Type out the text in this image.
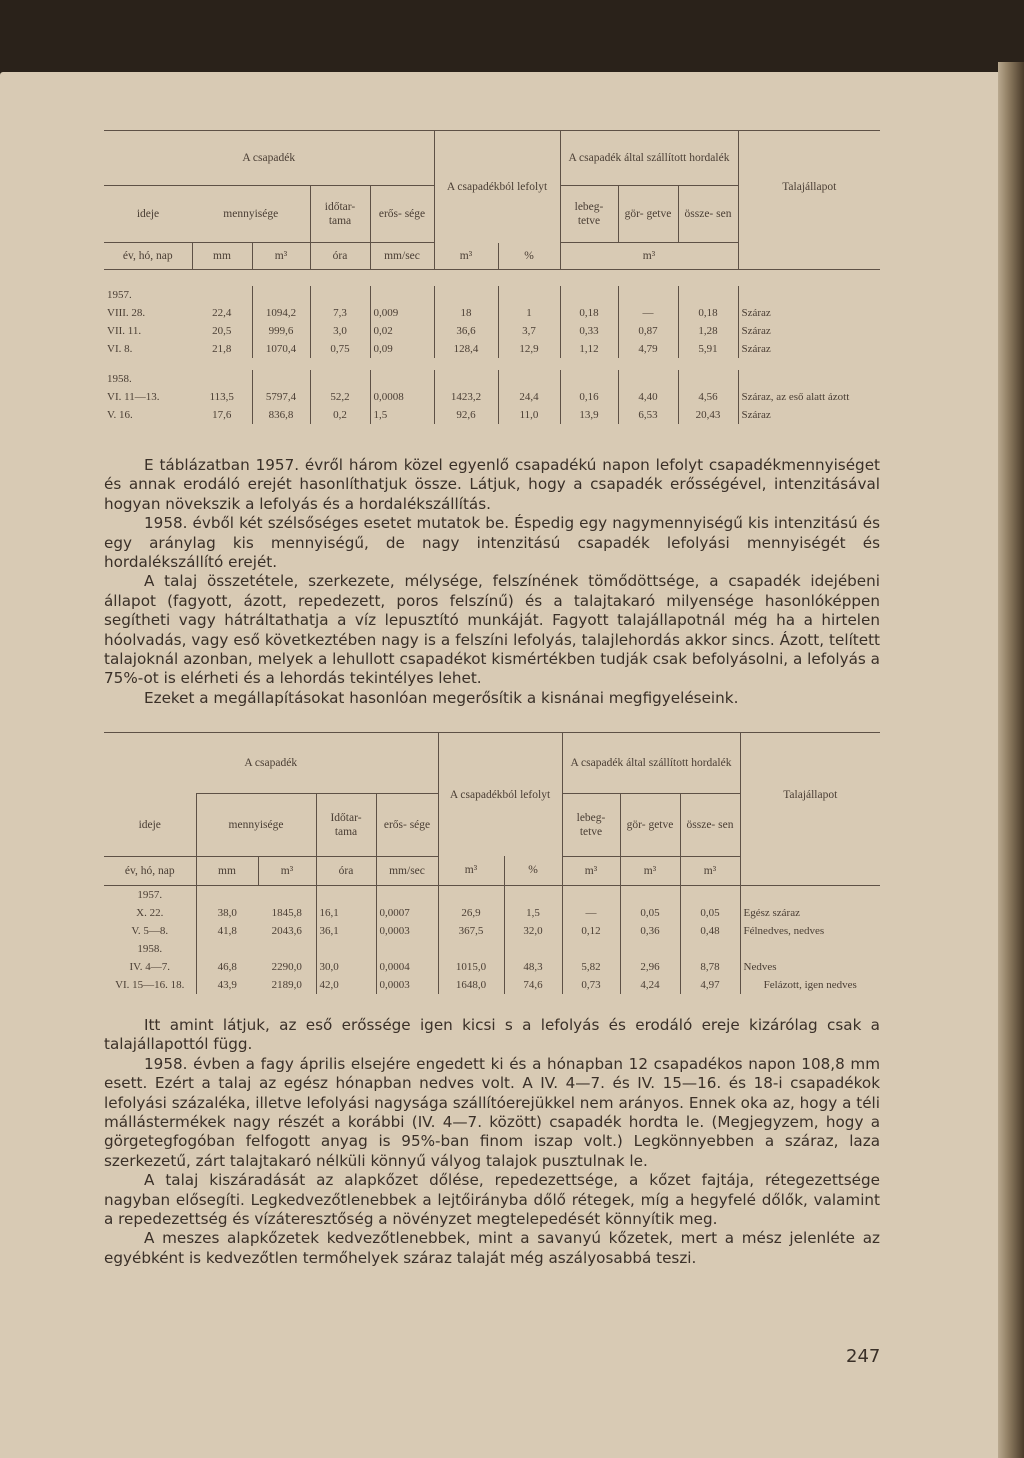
A csapadék					A csapadékból lefolyt		A csapadék által szállított hordalék			Talajállapot
ideje	mennyisége		időtar- tama	erős- sége			lebeg- tetve	gör- getve	össze- sen	
év, hó, nap	mm	m³	óra	mm/sec	m³	%	m³			

1957.										
VIII. 28.	22,4	1094,2	7,3	0,009	18	1	0,18	—	0,18	Száraz
VII. 11.	20,5	999,6	3,0	0,02	36,6	3,7	0,33	0,87	1,28	Száraz
VI. 8.	21,8	1070,4	0,75	0,09	128,4	12,9	1,12	4,79	5,91	Száraz

1958.										
VI. 11—13.	113,5	5797,4	52,2	0,0008	1423,2	24,4	0,16	4,40	4,56	Száraz, az eső alatt ázott
V. 16.	17,6	836,8	0,2	1,5	92,6	11,0	13,9	6,53	20,43	Száraz

E táblázatban 1957. évről három közel egyenlő csapadékú napon lefolyt csapadékmennyiséget és annak erodáló erejét hasonlíthatjuk össze. Látjuk, hogy a csapadék erősségével, intenzitásával hogyan növekszik a lefolyás és a hordalékszállítás.

1958. évből két szélsőséges esetet mutatok be. Éspedig egy nagymennyiségű kis intenzitású és egy aránylag kis mennyiségű, de nagy intenzitású csapadék lefolyási mennyiségét és hordalékszállító erejét.

A talaj összetétele, szerkezete, mélysége, felszínének tömődöttsége, a csapadék idejébeni állapot (fagyott, ázott, repedezett, poros felszínű) és a talajtakaró milyensége hasonlóképpen segítheti vagy hátráltathatja a víz lepusztító munkáját. Fagyott talajállapotnál még ha a hirtelen hóolvadás, vagy eső következtében nagy is a felszíni lefolyás, talajlehordás akkor sincs. Ázott, telített talajoknál azonban, melyek a lehullott csapadékot kismértékben tudják csak befolyásolni, a lefolyás a 75%-ot is elérheti és a lehordás tekintélyes lehet.

Ezeket a megállapításokat hasonlóan megerősítik a kisnánai megfigyeléseink.

A csapadék					A csapadékból lefolyt		A csapadék által szállított hordalék			Talajállapot
ideje	mennyisége		Időtar- tama	erős- sége			lebeg- tetve	gör- getve	össze- sen	
év, hó, nap	mm	m³	óra	mm/sec	m³	%	m³	m³	m³	
1957.										
X. 22.	38,0	1845,8	16,1	0,0007	26,9	1,5	—	0,05	0,05	Egész száraz
V. 5—8.	41,8	2043,6	36,1	0,0003	367,5	32,0	0,12	0,36	0,48	Félnedves, nedves
1958.										
IV. 4—7.	46,8	2290,0	30,0	0,0004	1015,0	48,3	5,82	2,96	8,78	Nedves
VI. 15—16. 18.	43,9	2189,0	42,0	0,0003	1648,0	74,6	0,73	4,24	4,97	Felázott, igen nedves

Itt amint látjuk, az eső erőssége igen kicsi s a lefolyás és erodáló ereje kizárólag csak a talajállapottól függ.

1958. évben a fagy április elsejére engedett ki és a hónapban 12 csapadékos napon 108,8 mm esett. Ezért a talaj az egész hónapban nedves volt. A IV. 4—7. és IV. 15—16. és 18-i csapadékok lefolyási százaléka, illetve lefolyási nagysága szállítóerejükkel nem arányos. Ennek oka az, hogy a téli mállástermékek nagy részét a korábbi (IV. 4—7. között) csapadék hordta le. (Megjegyzem, hogy a görgetegfogóban felfogott anyag is 95%-ban finom iszap volt.) Legkönnyebben a száraz, laza szerkezetű, zárt talajtakaró nélküli könnyű vályog talajok pusztulnak le.

A talaj kiszáradását az alapkőzet dőlése, repedezettsége, a kőzet fajtája, rétegezettsége nagyban elősegíti. Legkedvezőtlenebbek a lejtőirányba dőlő rétegek, míg a hegyfelé dőlők, valamint a repedezettség és vízáteresztőség a növényzet megtelepedését könnyítik meg.

A meszes alapkőzetek kedvezőtlenebbek, mint a savanyú kőzetek, mert a mész jelenléte az egyébként is kedvezőtlen termőhelyek száraz talaját még aszályosabbá teszi.

247
